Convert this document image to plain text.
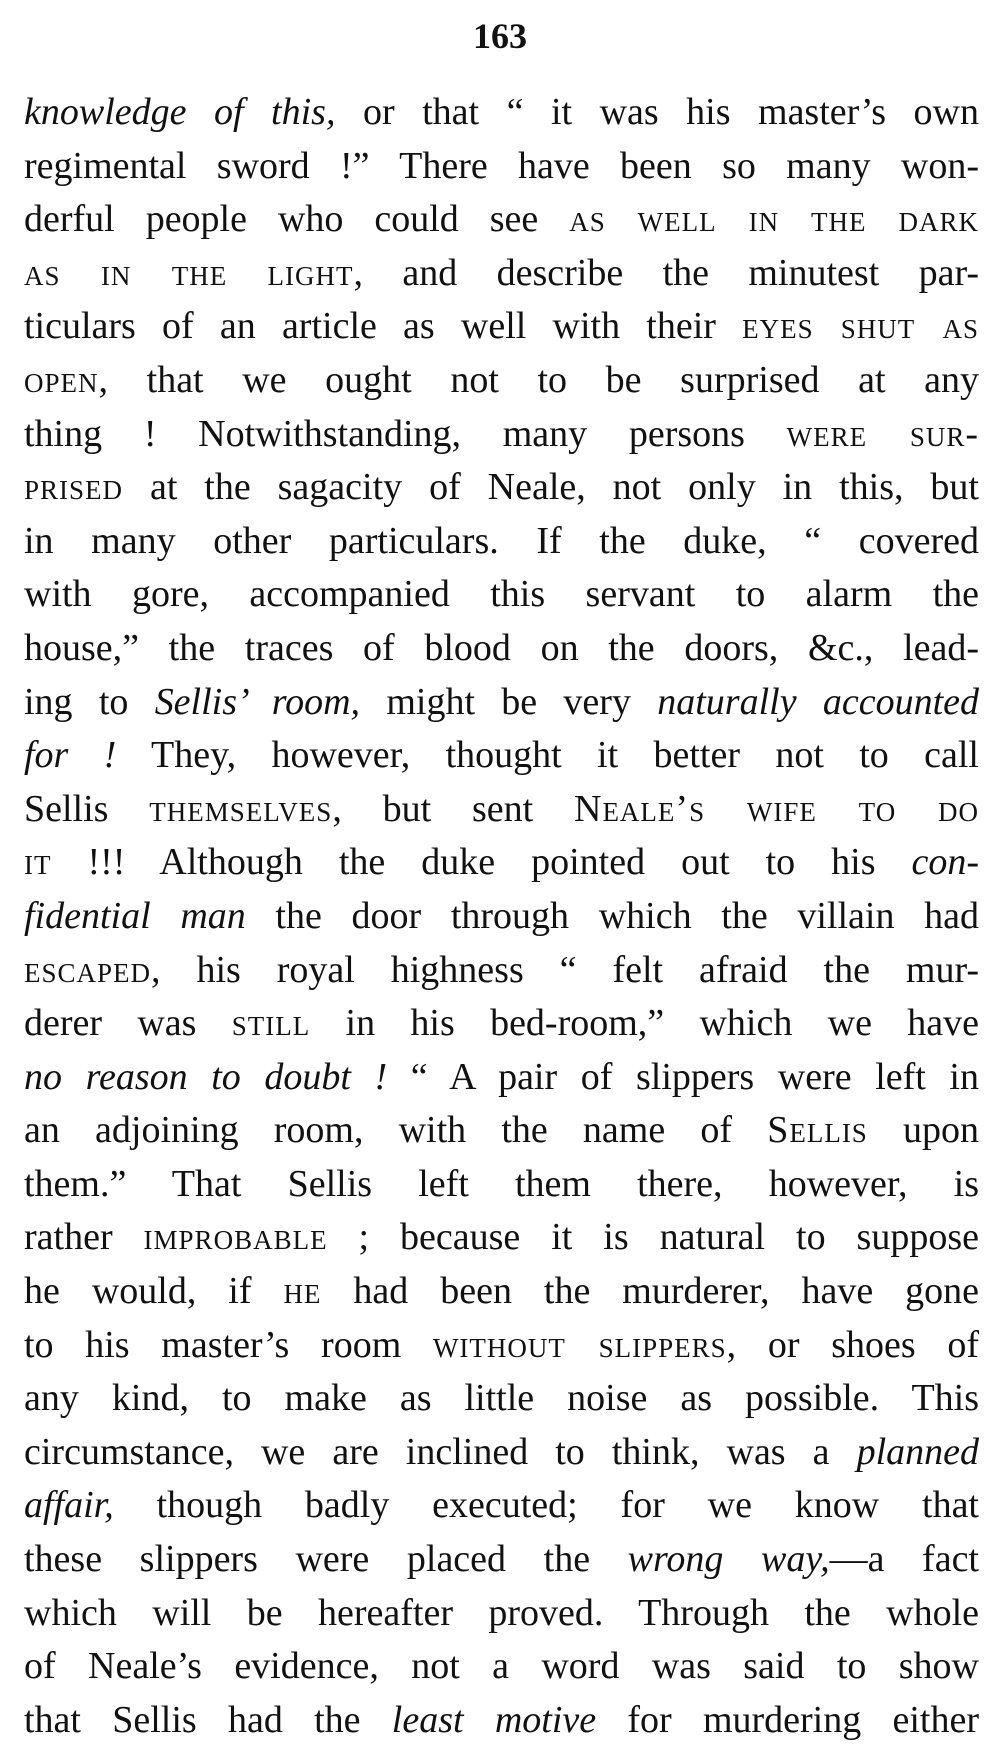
163
knowledge of this, or that “ it was his master’s own
regimental sword !” There have been so many won-
derful people who could see as well in the dark
as in the light, and describe the minutest par-
ticulars of an article as well with their eyes shut as
open, that we ought not to be surprised at any
thing ! Notwithstanding, many persons were sur-
prised at the sagacity of Neale, not only in this, but
in many other particulars. If the duke, “ covered
with gore, accompanied this servant to alarm the
house,” the traces of blood on the doors, &c., lead-
ing to Sellis’ room, might be very naturally accounted
for ! They, however, thought it better not to call
Sellis themselves, but sent Neale’s wife to do
it !!! Although the duke pointed out to his con-
fidential man the door through which the villain had
escaped, his royal highness “ felt afraid the mur-
derer was still in his bed-room,” which we have
no reason to doubt ! “ A pair of slippers were left in
an adjoining room, with the name of Sellis upon
them.” That Sellis left them there, however, is
rather improbable ; because it is natural to suppose
he would, if he had been the murderer, have gone
to his master’s room without slippers, or shoes of
any kind, to make as little noise as possible. This
circumstance, we are inclined to think, was a planned
affair, though badly executed; for we know that
these slippers were placed the wrong way,—a fact
which will be hereafter proved. Through the whole
of Neale’s evidence, not a word was said to show
that Sellis had the least motive for murdering either
